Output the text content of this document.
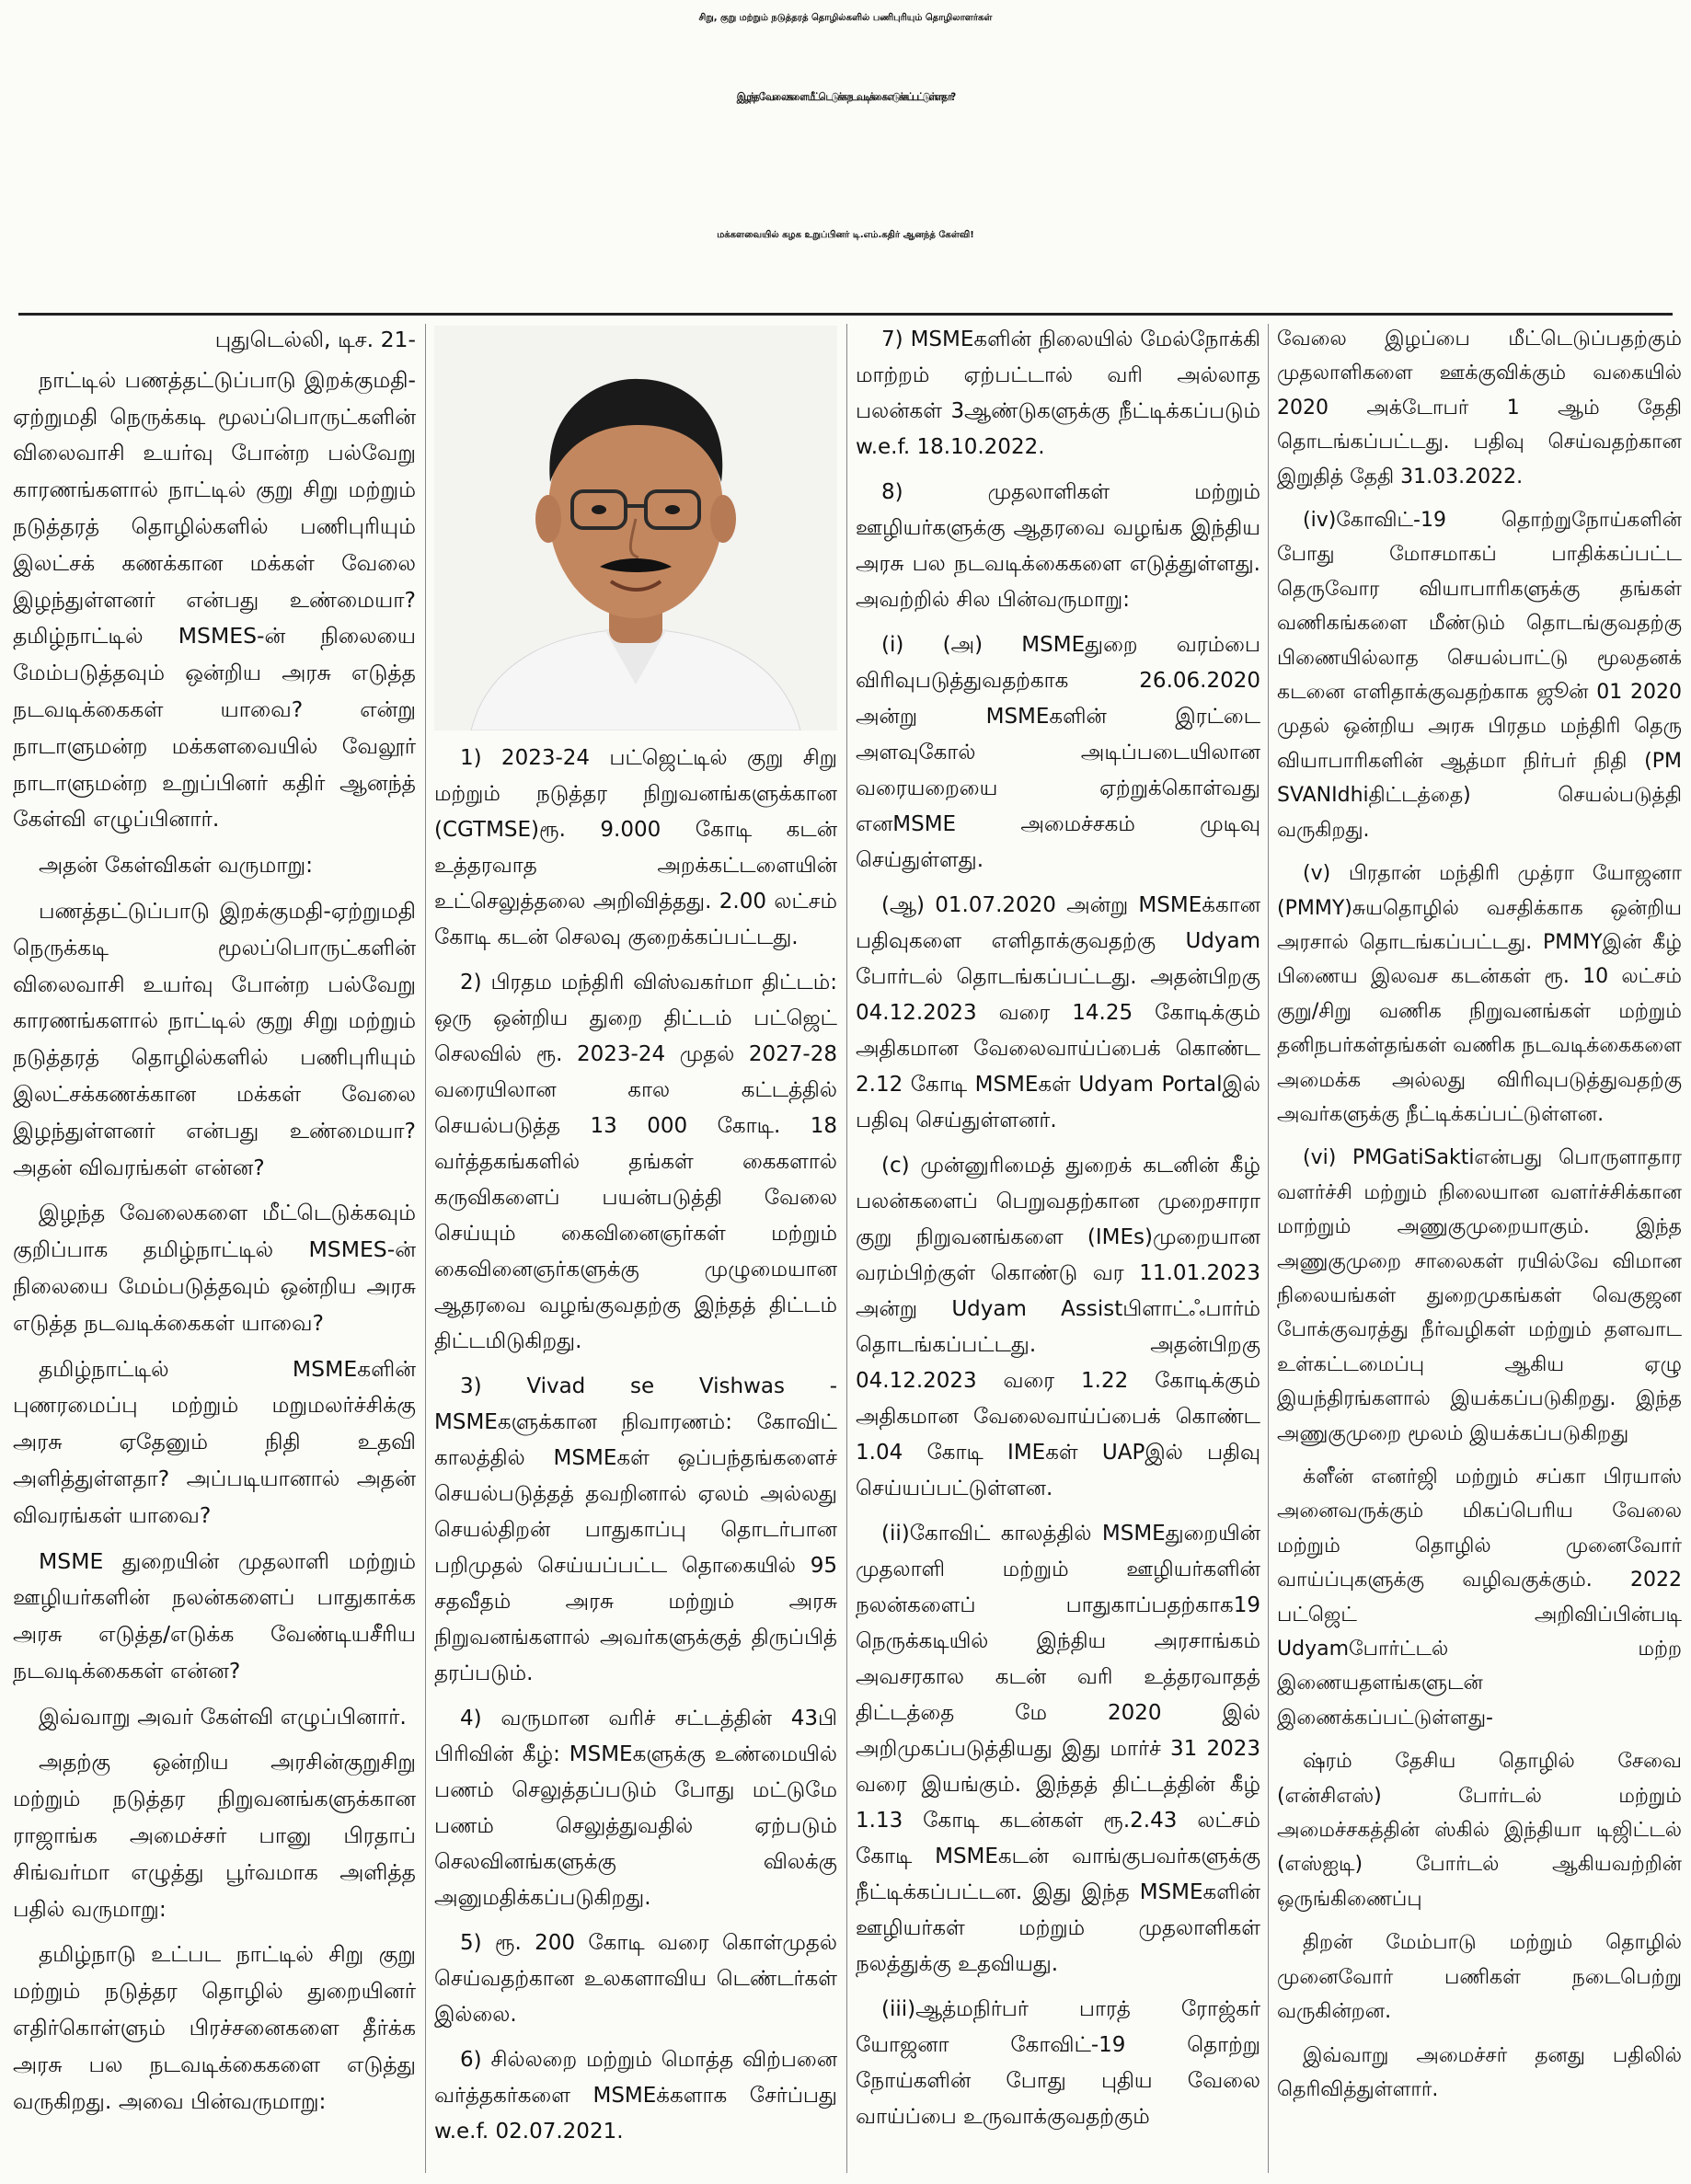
சிறு, குறு மற்றும் நடுத்தரத் தொழில்களில் பணிபுரியும் தொழிலாளர்கள்
இழந்த வேலைகளை மீட்டெடுக்க நடவடிக்கை எடுக்கப்பட்டுள்ளதா?
மக்களவையில் கழக உறுப்பினர் டி.எம்.கதிர் ஆனந்த் கேள்வி!

புதுடெல்லி, டிச. 21-

நாட்டில் பணத்தட்டுப்பாடு இறக்குமதி-ஏற்றுமதி நெருக்கடி மூலப்பொருட்களின் விலைவாசி உயர்வு போன்ற பல்வேறு காரணங்களால் நாட்டில் குறு சிறு மற்றும் நடுத்தரத் தொழில்களில் பணிபுரியும் இலட்சக் கணக்கான மக்கள் வேலை இழந்துள்ளனர் என்பது உண்மையா? தமிழ்நாட்டில் MSMES-ன் நிலையை மேம்படுத்தவும் ஒன்றிய அரசு எடுத்த நடவடிக்கைகள் யாவை? என்று நாடாளுமன்ற மக்களவையில் வேலூர் நாடாளுமன்ற உறுப்பினர் கதிர் ஆனந்த் கேள்வி எழுப்பினார்.

அதன் கேள்விகள் வருமாறு:

பணத்தட்டுப்பாடு இறக்குமதி-ஏற்றுமதி நெருக்கடி மூலப்பொருட்களின் விலைவாசி உயர்வு போன்ற பல்வேறு காரணங்களால் நாட்டில் குறு சிறு மற்றும் நடுத்தரத் தொழில்களில் பணிபுரியும் இலட்சக்கணக்கான மக்கள் வேலை இழந்துள்ளனர் என்பது உண்மையா? அதன் விவரங்கள் என்ன?

இழந்த வேலைகளை மீட்டெடுக்கவும் குறிப்பாக தமிழ்நாட்டில் MSMES-ன் நிலையை மேம்படுத்தவும் ஒன்றிய அரசு எடுத்த நடவடிக்கைகள் யாவை?

தமிழ்நாட்டில் MSMEகளின் புணரமைப்பு மற்றும் மறுமலர்ச்சிக்கு அரசு ஏதேனும் நிதி உதவி அளித்துள்ளதா? அப்படியானால் அதன் விவரங்கள் யாவை?

MSME துறையின் முதலாளி மற்றும் ஊழியர்களின் நலன்களைப் பாதுகாக்க அரசு எடுத்த/எடுக்க வேண்டியசீரிய நடவடிக்கைகள் என்ன?

இவ்வாறு அவர் கேள்வி எழுப்பினார்.

அதற்கு ஒன்றிய அரசின்குறுசிறு மற்றும் நடுத்தர நிறுவனங்களுக்கான ராஜாங்க அமைச்சர் பானு பிரதாப் சிங்வர்மா எழுத்து பூர்வமாக அளித்த பதில் வருமாறு:

தமிழ்நாடு உட்பட நாட்டில் சிறு குறு மற்றும் நடுத்தர தொழில் துறையினர் எதிர்கொள்ளும் பிரச்சனைகளை தீர்க்க அரசு பல நடவடிக்கைகளை எடுத்து வருகிறது. அவை பின்வருமாறு:

1) 2023-24 பட்ஜெட்டில் குறு சிறு மற்றும் நடுத்தர நிறுவனங்களுக்கான (CGTMSE)ரூ. 9.000 கோடி கடன் உத்தரவாத அறக்கட்டளையின் உட்செலுத்தலை அறிவித்தது. 2.00 லட்சம் கோடி கடன் செலவு குறைக்கப்பட்டது.

2) பிரதம மந்திரி விஸ்வகர்மா திட்டம்: ஒரு ஒன்றிய துறை திட்டம் பட்ஜெட் செலவில் ரூ. 2023-24 முதல் 2027-28 வரையிலான கால கட்டத்தில் செயல்படுத்த 13 000 கோடி. 18 வர்த்தகங்களில் தங்கள் கைகளால் கருவிகளைப் பயன்படுத்தி வேலை செய்யும் கைவினைஞர்கள் மற்றும் கைவினைஞர்களுக்கு முழுமையான ஆதரவை வழங்குவதற்கு இந்தத் திட்டம் திட்டமிடுகிறது.

3) Vivad se Vishwas - MSMEகளுக்கான நிவாரணம்: கோவிட் காலத்தில் MSMEகள் ஒப்பந்தங்களைச் செயல்படுத்தத் தவறினால் ஏலம் அல்லது செயல்திறன் பாதுகாப்பு தொடர்பான பறிமுதல் செய்யப்பட்ட தொகையில் 95 சதவீதம் அரசு மற்றும் அரசு நிறுவனங்களால் அவர்களுக்குத் திருப்பித் தரப்படும்.

4) வருமான வரிச் சட்டத்தின் 43பி பிரிவின் கீழ்: MSMEகளுக்கு உண்மையில் பணம் செலுத்தப்படும் போது மட்டுமே பணம் செலுத்துவதில் ஏற்படும் செலவினங்களுக்கு விலக்கு அனுமதிக்கப்படுகிறது.

5) ரூ. 200 கோடி வரை கொள்முதல் செய்வதற்கான உலகளாவிய டெண்டர்கள் இல்லை.

6) சில்லறை மற்றும் மொத்த விற்பனை வர்த்தகர்களை MSMEக்களாக சேர்ப்பது w.e.f. 02.07.2021.

7) MSMEகளின் நிலையில் மேல்நோக்கி மாற்றம் ஏற்பட்டால் வரி அல்லாத பலன்கள் 3ஆண்டுகளுக்கு நீட்டிக்கப்படும் w.e.f. 18.10.2022.

8) முதலாளிகள் மற்றும் ஊழியர்களுக்கு ஆதரவை வழங்க இந்திய அரசு பல நடவடிக்கைகளை எடுத்துள்ளது. அவற்றில் சில பின்வருமாறு:

(i) (அ) MSMEதுறை வரம்பை விரிவுபடுத்துவதற்காக 26.06.2020 அன்று MSMEகளின் இரட்டை அளவுகோல் அடிப்படையிலான வரையறையை ஏற்றுக்கொள்வது எனMSME அமைச்சகம் முடிவு செய்துள்ளது.

(ஆ) 01.07.2020 அன்று MSMEக்கான பதிவுகளை எளிதாக்குவதற்கு Udyam போர்டல் தொடங்கப்பட்டது. அதன்பிறகு 04.12.2023 வரை 14.25 கோடிக்கும் அதிகமான வேலைவாய்ப்பைக் கொண்ட 2.12 கோடி MSMEகள் Udyam Portalஇல் பதிவு செய்துள்ளனர்.

(c) முன்னுரிமைத் துறைக் கடனின் கீழ் பலன்களைப் பெறுவதற்கான முறைசாரா குறு நிறுவனங்களை (IMEs)முறையான வரம்பிற்குள் கொண்டு வர 11.01.2023 அன்று Udyam Assistபிளாட்ஃபார்ம் தொடங்கப்பட்டது. அதன்பிறகு 04.12.2023 வரை 1.22 கோடிக்கும் அதிகமான வேலைவாய்ப்பைக் கொண்ட 1.04 கோடி IMEகள் UAPஇல் பதிவு செய்யப்பட்டுள்ளன.

(ii)கோவிட் காலத்தில் MSMEதுறையின் முதலாளி மற்றும் ஊழியர்களின் நலன்களைப் பாதுகாப்பதற்காக19 நெருக்கடியில் இந்திய அரசாங்கம் அவசரகால கடன் வரி உத்தரவாதத் திட்டத்தை மே 2020 இல் அறிமுகப்படுத்தியது இது மார்ச் 31 2023 வரை இயங்கும். இந்தத் திட்டத்தின் கீழ் 1.13 கோடி கடன்கள் ரூ.2.43 லட்சம் கோடி MSMEகடன் வாங்குபவர்களுக்கு நீட்டிக்கப்பட்டன. இது இந்த MSMEகளின் ஊழியர்கள் மற்றும் முதலாளிகள் நலத்துக்கு உதவியது.

(iii)ஆத்மநிர்பர் பாரத் ரோஜ்கர் யோஜனா கோவிட்-19 தொற்று நோய்களின் போது புதிய வேலை வாய்ப்பை உருவாக்குவதற்கும்

வேலை இழப்பை மீட்டெடுப்பதற்கும் முதலாளிகளை ஊக்குவிக்கும் வகையில் 2020 அக்டோபர் 1 ஆம் தேதி தொடங்கப்பட்டது. பதிவு செய்வதற்கான இறுதித் தேதி 31.03.2022.

(iv)கோவிட்-19 தொற்றுநோய்களின் போது மோசமாகப் பாதிக்கப்பட்ட தெருவோர வியாபாரிகளுக்கு தங்கள் வணிகங்களை மீண்டும் தொடங்குவதற்கு பிணையில்லாத செயல்பாட்டு மூலதனக் கடனை எளிதாக்குவதற்காக ஜூன் 01 2020 முதல் ஒன்றிய அரசு பிரதம மந்திரி தெரு வியாபாரிகளின் ஆத்மா நிர்பர் நிதி (PM SVANIdhiதிட்டத்தை) செயல்படுத்தி வருகிறது.

(v) பிரதான் மந்திரி முத்ரா யோஜனா (PMMY)சுயதொழில் வசதிக்காக ஒன்றிய அரசால் தொடங்கப்பட்டது. PMMYஇன் கீழ் பிணைய இலவச கடன்கள் ரூ. 10 லட்சம் குறு/சிறு வணிக நிறுவனங்கள் மற்றும் தனிநபர்கள்தங்கள் வணிக நடவடிக்கைகளை அமைக்க அல்லது விரிவுபடுத்துவதற்கு அவர்களுக்கு நீட்டிக்கப்பட்டுள்ளன.

(vi) PMGatiSaktiஎன்பது பொருளாதார வளர்ச்சி மற்றும் நிலையான வளர்ச்சிக்கான மாற்றும் அணுகுமுறையாகும். இந்த அணுகுமுறை சாலைகள் ரயில்வே விமான நிலையங்கள் துறைமுகங்கள் வெகுஜன போக்குவரத்து நீர்வழிகள் மற்றும் தளவாட உள்கட்டமைப்பு ஆகிய ஏழு இயந்திரங்களால் இயக்கப்படுகிறது. இந்த அணுகுமுறை மூலம் இயக்கப்படுகிறது

க்ளீன் எனர்ஜி மற்றும் சப்கா பிரயாஸ் அனைவருக்கும் மிகப்பெரிய வேலை மற்றும் தொழில் முனைவோர் வாய்ப்புகளுக்கு வழிவகுக்கும். 2022 பட்ஜெட் அறிவிப்பின்படி Udyamபோர்ட்டல் மற்ற இணையதளங்களுடன் இணைக்கப்பட்டுள்ளது-

ஷ்ரம் தேசிய தொழில் சேவை (என்சிஎஸ்) போர்டல் மற்றும் அமைச்சகத்தின் ஸ்கில் இந்தியா டிஜிட்டல் (எஸ்ஐடி) போர்டல் ஆகியவற்றின் ஒருங்கிணைப்பு

திறன் மேம்பாடு மற்றும் தொழில் முனைவோர் பணிகள் நடைபெற்று வருகின்றன.

இவ்வாறு அமைச்சர் தனது பதிலில் தெரிவித்துள்ளார்.
